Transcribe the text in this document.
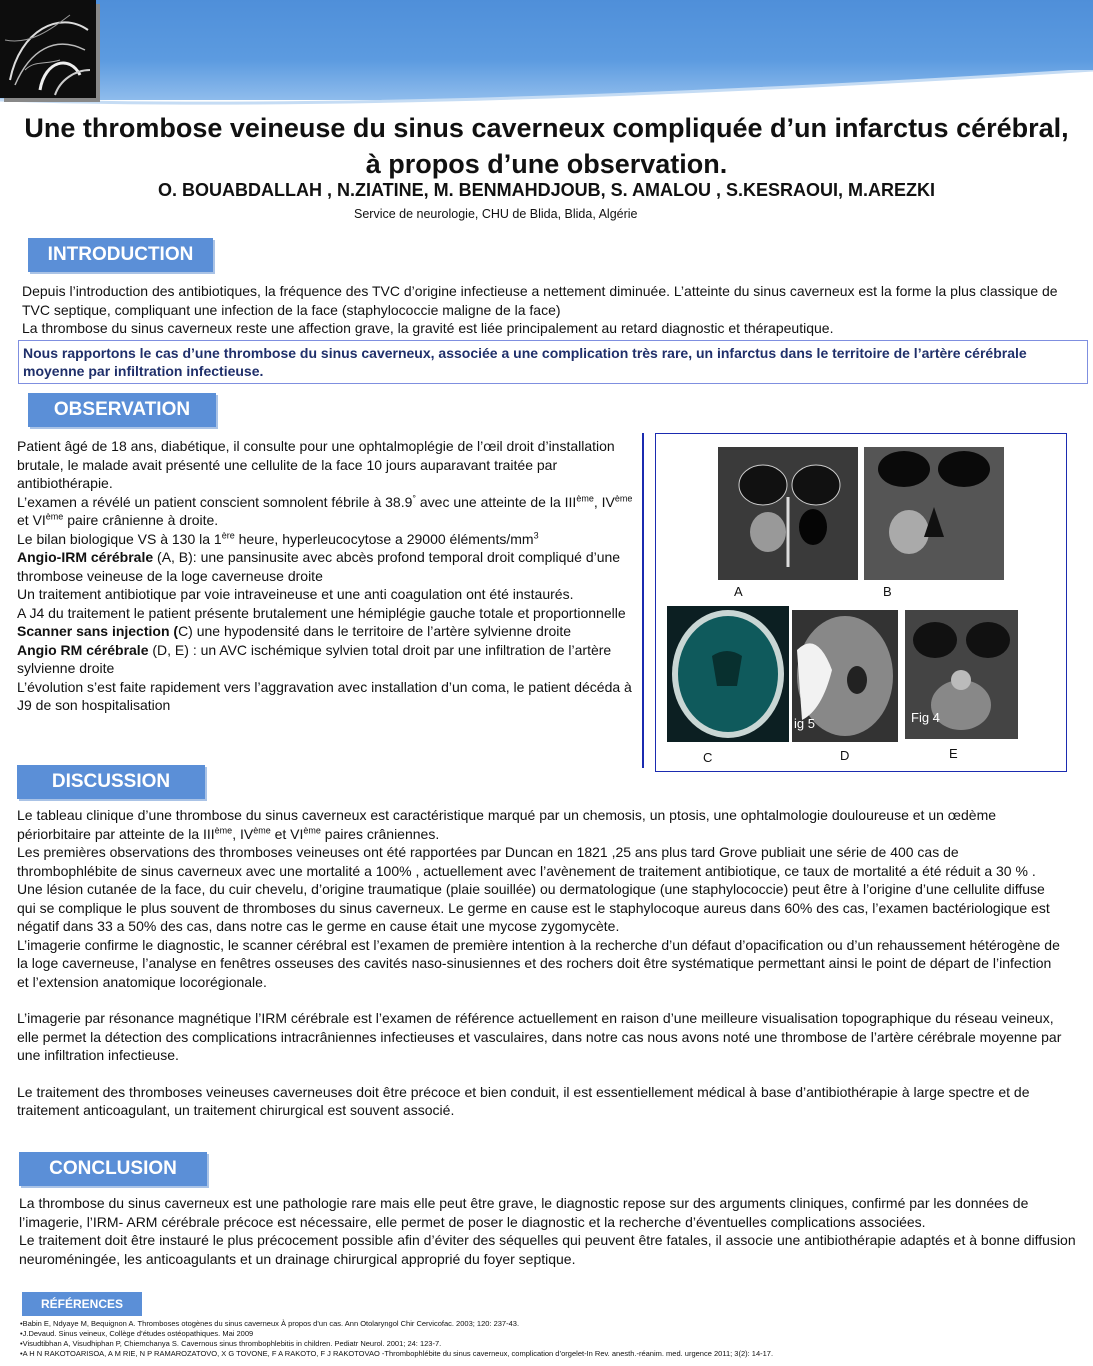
Une thrombose veineuse du sinus caverneux compliquée d’un infarctus cérébral, à propos d’une observation.
O. BOUABDALLAH , N.ZIATINE, M. BENMAHDJOUB, S. AMALOU , S.KESRAOUI, M.AREZKI
Service de neurologie, CHU de Blida, Blida, Algérie
INTRODUCTION

Depuis l’introduction des antibiotiques, la fréquence des TVC d’origine infectieuse a nettement diminuée. L’atteinte du sinus caverneux est la forme la plus classique de TVC septique, compliquant une infection de la face (staphylococcie maligne de la face)

La thrombose du sinus caverneux reste une affection grave, la gravité est liée principalement au retard diagnostic et thérapeutique.

Nous rapportons le cas d’une thrombose du sinus caverneux, associée a une complication très rare, un infarctus dans le territoire de l’artère cérébrale moyenne par infiltration infectieuse.
OBSERVATION

Patient âgé de 18 ans, diabétique, il consulte pour une ophtalmoplégie de l’œil droit d’installation brutale, le malade avait présenté une cellulite de la face 10 jours auparavant traitée par antibiothérapie.

L’examen a révélé un patient conscient somnolent fébrile à 38.9° avec une atteinte de la IIIème, IVème et VIème paire crânienne à droite.

Le bilan biologique VS à 130 la 1ère heure, hyperleucocytose a 29000 éléments/$mm^3$

Angio-IRM cérébrale (A, B): une pansinusite avec abcès profond temporal droit compliqué d’une thrombose veineuse de la loge caverneuse droite

Un traitement antibiotique par voie intraveineuse et une anti coagulation ont été instaurés.

A J4 du traitement le patient présente brutalement une hémiplégie gauche totale et proportionnelle

Scanner sans injection (C) une hypodensité dans le territoire de l’artère sylvienne droite

Angio RM cérébrale (D, E) : un AVC ischémique sylvien total droit par une infiltration de l’artère sylvienne droite

L’évolution s’est faite rapidement vers l’aggravation avec installation d’un coma, le patient décéda à J9 de son hospitalisation

A	B
ig 5	Fig 4
C	D	E
DISCUSSION

Le tableau clinique d’une thrombose du sinus caverneux est caractéristique marqué par un chemosis, un ptosis, une ophtalmologie douloureuse et un œdème périorbitaire par atteinte de la IIIème, IVème et VIème paires crâniennes.

Les premières observations des thromboses veineuses ont été rapportées par Duncan en 1821 ,25 ans plus tard Grove publiait une série de 400 cas de thrombophlébite de sinus caverneux avec une mortalité a 100% , actuellement avec l’avènement de traitement antibiotique, ce taux de mortalité a été réduit a 30 % .

Une lésion cutanée de la face, du cuir chevelu, d’origine traumatique (plaie souillée) ou dermatologique (une staphylococcie) peut être à l’origine d’une cellulite diffuse qui se complique le plus souvent de thromboses du sinus caverneux. Le germe en cause est le staphylocoque aureus dans 60% des cas, l’examen bactériologique est négatif dans 33 a 50% des cas, dans notre cas le germe en cause était une mycose zygomycète.

L’imagerie confirme le diagnostic, le scanner cérébral est l’examen de première intention à la recherche d’un défaut d’opacification ou d’un rehaussement hétérogène de la loge caverneuse, l’analyse en fenêtres osseuses des cavités naso-sinusiennes et des rochers doit être systématique permettant ainsi le point de départ de l’infection et l’extension anatomique locorégionale.

L’imagerie par résonance magnétique l’IRM cérébrale est l’examen de référence actuellement en raison d’une meilleure visualisation topographique du réseau veineux, elle permet la détection des complications intracrâniennes infectieuses et vasculaires, dans notre cas nous avons noté une thrombose de l’artère cérébrale moyenne par une infiltration infectieuse.

Le traitement des thromboses veineuses caverneuses doit être précoce et bien conduit, il est essentiellement médical à base d’antibiothérapie à large spectre et de traitement anticoagulant, un traitement chirurgical est souvent associé.

CONCLUSION

La thrombose du sinus caverneux est une pathologie rare mais elle peut être grave, le diagnostic repose sur des arguments cliniques, confirmé par les données de l’imagerie, l’IRM- ARM cérébrale précoce est nécessaire, elle permet de poser le diagnostic et la recherche d’éventuelles complications associées.

Le traitement doit être instauré le plus précocement possible afin d’éviter des séquelles qui peuvent être fatales, il associe une antibiothérapie adaptés et à bonne diffusion neuroméningée, les anticoagulants et un drainage chirurgical approprié du foyer septique.

RÉFÉRENCES

•Babin E, Ndyaye M, Bequignon A. Thromboses otogènes du sinus caverneux À propos d’un cas. Ann Otolaryngol Chir Cervicofac. 2003; 120: 237-43.

•J.Devaud. Sinus veineux, Collège d’études ostéopathiques. Mai 2009

•Visudtibhan A, Visudhiphan P, Chiemchanya S. Cavernous sinus thrombophlebitis in children. Pediatr Neurol. 2001; 24: 123-7.

•A H N RAKOTOARISOA, A M RIE, N P RAMAROZATOVO, X G TOVONE, F A RAKOTO, F J RAKOTOVAO -Thrombophlébite du sinus caverneux, complication d’orgelet-In Rev. anesth.-réanim. med. urgence 2011; 3(2): 14-17.
